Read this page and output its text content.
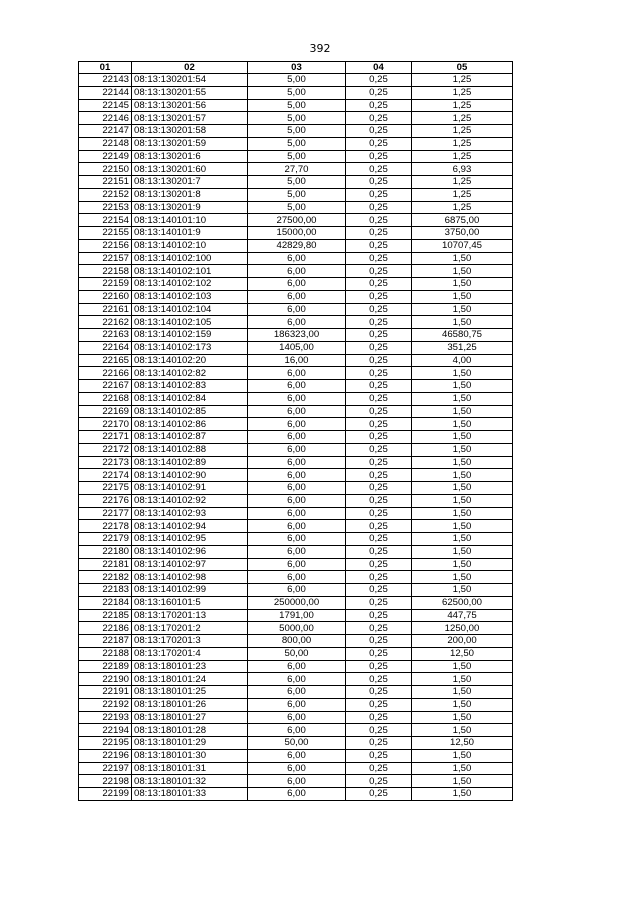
392
01	02	03	04	05
22143	08:13:130201:54	5,00	0,25	1,25
22144	08:13:130201:55	5,00	0,25	1,25
22145	08:13:130201:56	5,00	0,25	1,25
22146	08:13:130201:57	5,00	0,25	1,25
22147	08:13:130201:58	5,00	0,25	1,25
22148	08:13:130201:59	5,00	0,25	1,25
22149	08:13:130201:6	5,00	0,25	1,25
22150	08:13:130201:60	27,70	0,25	6,93
22151	08:13:130201:7	5,00	0,25	1,25
22152	08:13:130201:8	5,00	0,25	1,25
22153	08:13:130201:9	5,00	0,25	1,25
22154	08:13:140101:10	27500,00	0,25	6875,00
22155	08:13:140101:9	15000,00	0,25	3750,00
22156	08:13:140102:10	42829,80	0,25	10707,45
22157	08:13:140102:100	6,00	0,25	1,50
22158	08:13:140102:101	6,00	0,25	1,50
22159	08:13:140102:102	6,00	0,25	1,50
22160	08:13:140102:103	6,00	0,25	1,50
22161	08:13:140102:104	6,00	0,25	1,50
22162	08:13:140102:105	6,00	0,25	1,50
22163	08:13:140102:159	186323,00	0,25	46580,75
22164	08:13:140102:173	1405,00	0,25	351,25
22165	08:13:140102:20	16,00	0,25	4,00
22166	08:13:140102:82	6,00	0,25	1,50
22167	08:13:140102:83	6,00	0,25	1,50
22168	08:13:140102:84	6,00	0,25	1,50
22169	08:13:140102:85	6,00	0,25	1,50
22170	08:13:140102:86	6,00	0,25	1,50
22171	08:13:140102:87	6,00	0,25	1,50
22172	08:13:140102:88	6,00	0,25	1,50
22173	08:13:140102:89	6,00	0,25	1,50
22174	08:13:140102:90	6,00	0,25	1,50
22175	08:13:140102:91	6,00	0,25	1,50
22176	08:13:140102:92	6,00	0,25	1,50
22177	08:13:140102:93	6,00	0,25	1,50
22178	08:13:140102:94	6,00	0,25	1,50
22179	08:13:140102:95	6,00	0,25	1,50
22180	08:13:140102:96	6,00	0,25	1,50
22181	08:13:140102:97	6,00	0,25	1,50
22182	08:13:140102:98	6,00	0,25	1,50
22183	08:13:140102:99	6,00	0,25	1,50
22184	08:13:160101:5	250000,00	0,25	62500,00
22185	08:13:170201:13	1791,00	0,25	447,75
22186	08:13:170201:2	5000,00	0,25	1250,00
22187	08:13:170201:3	800,00	0,25	200,00
22188	08:13:170201:4	50,00	0,25	12,50
22189	08:13:180101:23	6,00	0,25	1,50
22190	08:13:180101:24	6,00	0,25	1,50
22191	08:13:180101:25	6,00	0,25	1,50
22192	08:13:180101:26	6,00	0,25	1,50
22193	08:13:180101:27	6,00	0,25	1,50
22194	08:13:180101:28	6,00	0,25	1,50
22195	08:13:180101:29	50,00	0,25	12,50
22196	08:13:180101:30	6,00	0,25	1,50
22197	08:13:180101:31	6,00	0,25	1,50
22198	08:13:180101:32	6,00	0,25	1,50
22199	08:13:180101:33	6,00	0,25	1,50
